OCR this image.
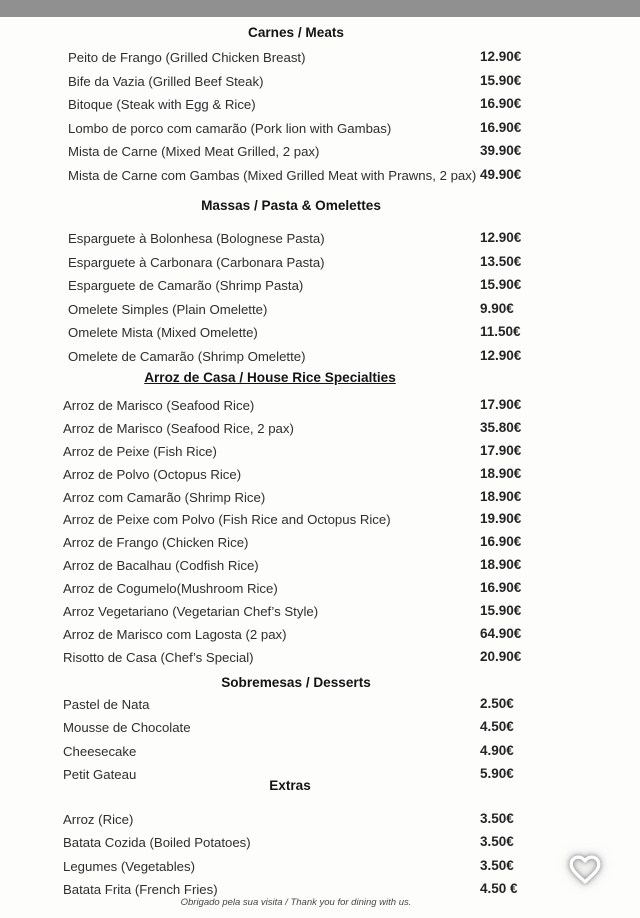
Carnes / Meats
Peito de Frango (Grilled Chicken Breast)	12.90€
Bife da Vazia (Grilled Beef Steak)	15.90€
Bitoque (Steak with Egg & Rice)	16.90€
Lombo de porco com camarão (Pork lion with Gambas)	16.90€
Mista de Carne (Mixed Meat Grilled, 2 pax)	39.90€
Mista de Carne com Gambas (Mixed Grilled Meat with Prawns, 2 pax) 49.90€
Massas / Pasta & Omelettes
Esparguete à Bolonhesa (Bolognese Pasta)	12.90€
Esparguete à Carbonara (Carbonara Pasta)	13.50€
Esparguete de Camarão (Shrimp Pasta)	15.90€
Omelete Simples (Plain Omelette)	9.90€
Omelete Mista (Mixed Omelette)	11.50€
Omelete de Camarão (Shrimp Omelette)	12.90€
Arroz de Casa / House Rice Specialties
Arroz de Marisco (Seafood Rice)	17.90€
Arroz de Marisco (Seafood Rice, 2 pax)	35.80€
Arroz de Peixe (Fish Rice)	17.90€
Arroz de Polvo (Octopus Rice)	18.90€
Arroz com Camarão (Shrimp Rice)	18.90€
Arroz de Peixe com Polvo (Fish Rice and Octopus Rice)	19.90€
Arroz de Frango (Chicken Rice)	16.90€
Arroz de Bacalhau (Codfish Rice)	18.90€
Arroz de Cogumelo(Mushroom Rice)	16.90€
Arroz Vegetariano (Vegetarian Chef’s Style)	15.90€
Arroz de Marisco com Lagosta (2 pax)	64.90€
Risotto de Casa (Chef’s Special)	20.90€
Sobremesas / Desserts
Pastel de Nata	2.50€
Mousse de Chocolate	4.50€
Cheesecake	4.90€
Petit Gateau	5.90€
Extras
Arroz (Rice)	3.50€
Batata Cozida (Boiled Potatoes)	3.50€
Legumes (Vegetables)	3.50€
Batata Frita (French Fries)	4.50 €
Obrigado pela sua visita / Thank you for dining with us.
